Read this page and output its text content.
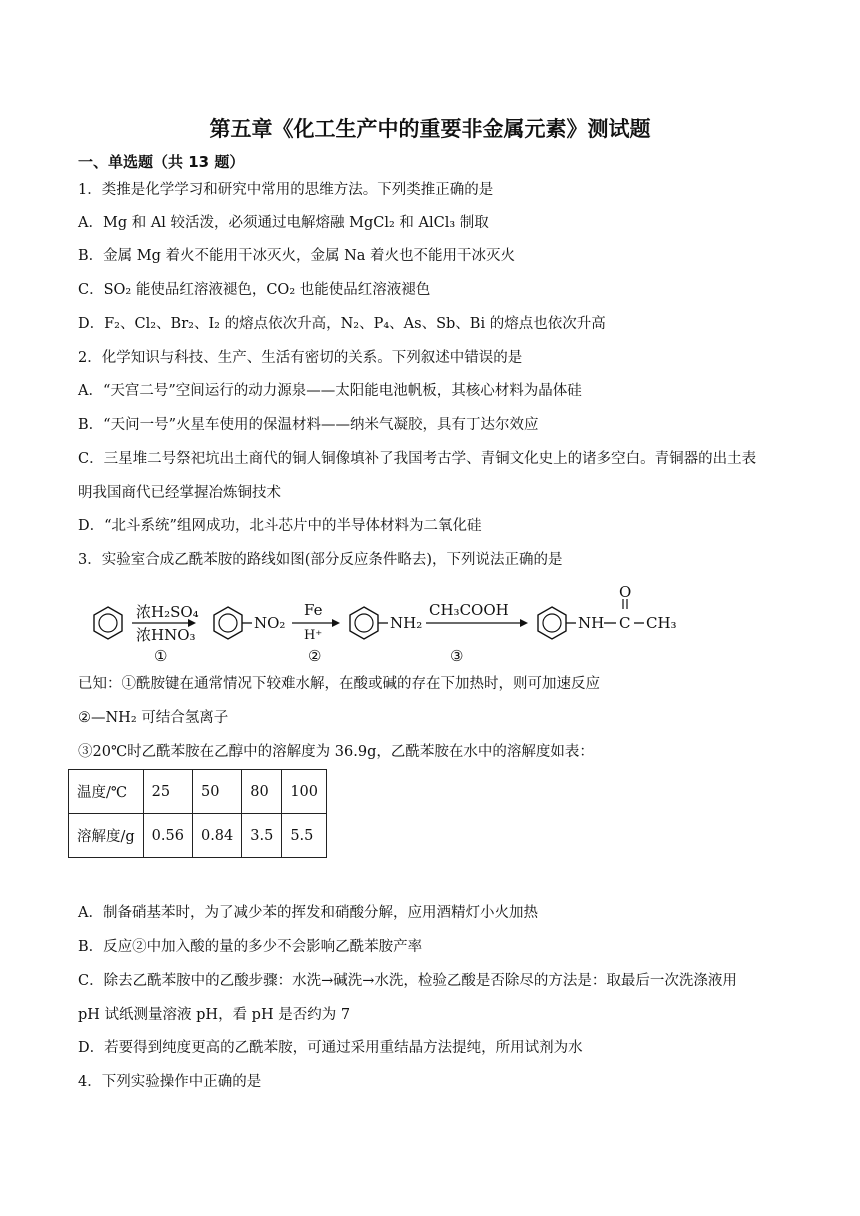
第五章《化工生产中的重要非金属元素》测试题
一、单选题（共 13 题）
1．类推是化学学习和研究中常用的思维方法。下列类推正确的是
A．Mg 和 Al 较活泼，必须通过电解熔融 MgCl₂ 和 AlCl₃ 制取
B．金属 Mg 着火不能用干冰灭火，金属 Na 着火也不能用干冰灭火
C．SO₂ 能使品红溶液褪色，CO₂ 也能使品红溶液褪色
D．F₂、Cl₂、Br₂、I₂ 的熔点依次升高，N₂、P₄、As、Sb、Bi 的熔点也依次升高
2．化学知识与科技、生产、生活有密切的关系。下列叙述中错误的是
A．“天宫二号”空间运行的动力源泉——太阳能电池帆板，其核心材料为晶体硅
B．“天问一号”火星车使用的保温材料——纳米气凝胶，具有丁达尔效应
C．三星堆二号祭祀坑出土商代的铜人铜像填补了我国考古学、青铜文化史上的诸多空白。青铜器的出土表
明我国商代已经掌握冶炼铜技术
D．“北斗系统”组网成功，北斗芯片中的半导体材料为二氧化硅
3．实验室合成乙酰苯胺的路线如图(部分反应条件略去)，下列说法正确的是
浓H₂SO₄
浓HNO₃
①
NO₂
Fe
H⁺
②
NH₂
CH₃COOH
③
NH C
O
CH₃
已知：①酰胺键在通常情况下较难水解，在酸或碱的存在下加热时，则可加速反应
②—NH₂ 可结合氢离子
③20℃时乙酰苯胺在乙醇中的溶解度为 36.9g，乙酰苯胺在水中的溶解度如表：
温度/℃	25	50	80	100
溶解度/g	0.56	0.84	3.5	5.5
A．制备硝基苯时，为了减少苯的挥发和硝酸分解，应用酒精灯小火加热
B．反应②中加入酸的量的多少不会影响乙酰苯胺产率
C．除去乙酰苯胺中的乙酸步骤：水洗→碱洗→水洗，检验乙酸是否除尽的方法是：取最后一次洗涤液用
pH 试纸测量溶液 pH，看 pH 是否约为 7
D．若要得到纯度更高的乙酰苯胺，可通过采用重结晶方法提纯，所用试剂为水
4．下列实验操作中正确的是
